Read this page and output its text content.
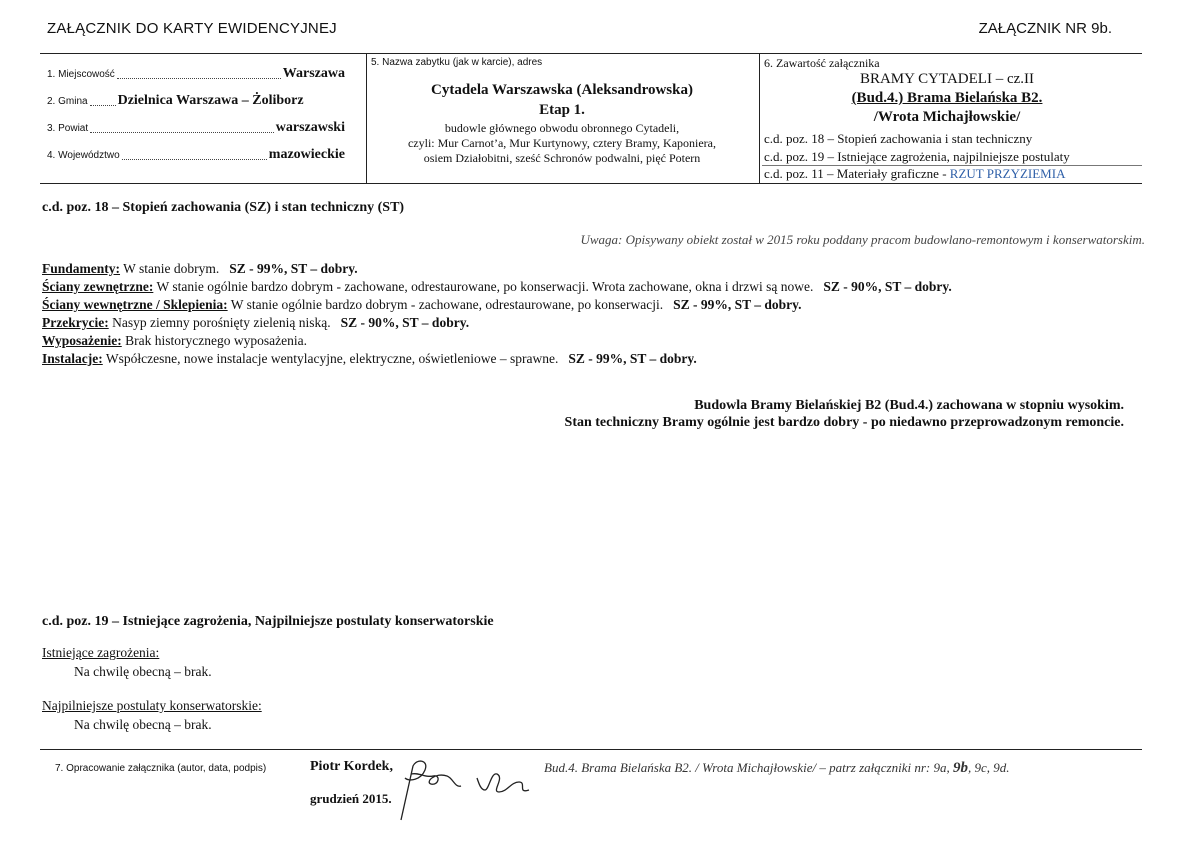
ZAŁĄCZNIK DO KARTY EWIDENCYJNEJ	ZAŁĄCZNIK NR 9b.
1. Miejscowość	Warszawa
2. Gmina Dzielnica Warszawa – Żoliborz
3. Powiat	warszawski
4. Województwo	mazowieckie
5. Nazwa zabytku (jak w karcie), adres
Cytadela Warszawska (Aleksandrowska)
Etap 1.
budowle głównego obwodu obronnego Cytadeli,
czyli: Mur Carnot’a, Mur Kurtynowy, cztery Bramy, Kaponiera,
osiem Działobitni, sześć Schronów podwalni, pięć Potern
6. Zawartość załącznika
BRAMY CYTADELI – cz.II
(Bud.4.) Brama Bielańska B2.
/Wrota Michajłowskie/
c.d. poz. 18 – Stopień zachowania i stan techniczny
c.d. poz. 19 – Istniejące zagrożenia, najpilniejsze postulaty
c.d. poz. 11 – Materiały graficzne - RZUT PRZYZIEMIA
c.d. poz. 18 – Stopień zachowania (SZ) i stan techniczny (ST)
Uwaga: Opisywany obiekt został w 2015 roku poddany pracom budowlano-remontowym i konserwatorskim.
Fundamenty: W stanie dobrym. SZ - 99%, ST – dobry.
Ściany zewnętrzne: W stanie ogólnie bardzo dobrym - zachowane, odrestaurowane, po konserwacji. Wrota zachowane, okna i drzwi są nowe. SZ - 90%, ST – dobry.
Ściany wewnętrzne / Sklepienia: W stanie ogólnie bardzo dobrym - zachowane, odrestaurowane, po konserwacji. SZ - 99%, ST – dobry.
Przekrycie: Nasyp ziemny porośnięty zielenią niską. SZ - 90%, ST – dobry.
Wyposażenie: Brak historycznego wyposażenia.
Instalacje: Współczesne, nowe instalacje wentylacyjne, elektryczne, oświetleniowe – sprawne. SZ - 99%, ST – dobry.
Budowla Bramy Bielańskiej B2 (Bud.4.) zachowana w stopniu wysokim.
Stan techniczny Bramy ogólnie jest bardzo dobry - po niedawno przeprowadzonym remoncie.
c.d. poz. 19 – Istniejące zagrożenia, Najpilniejsze postulaty konserwatorskie
Istniejące zagrożenia:
Na chwilę obecną – brak.
Najpilniejsze postulaty konserwatorskie:
Na chwilę obecną – brak.
7. Opracowanie załącznika (autor, data, podpis)	Piotr Kordek,
grudzień 2015.
Bud.4. Brama Bielańska B2. / Wrota Michajłowskie/ – patrz załączniki nr: 9a, 9b, 9c, 9d.
